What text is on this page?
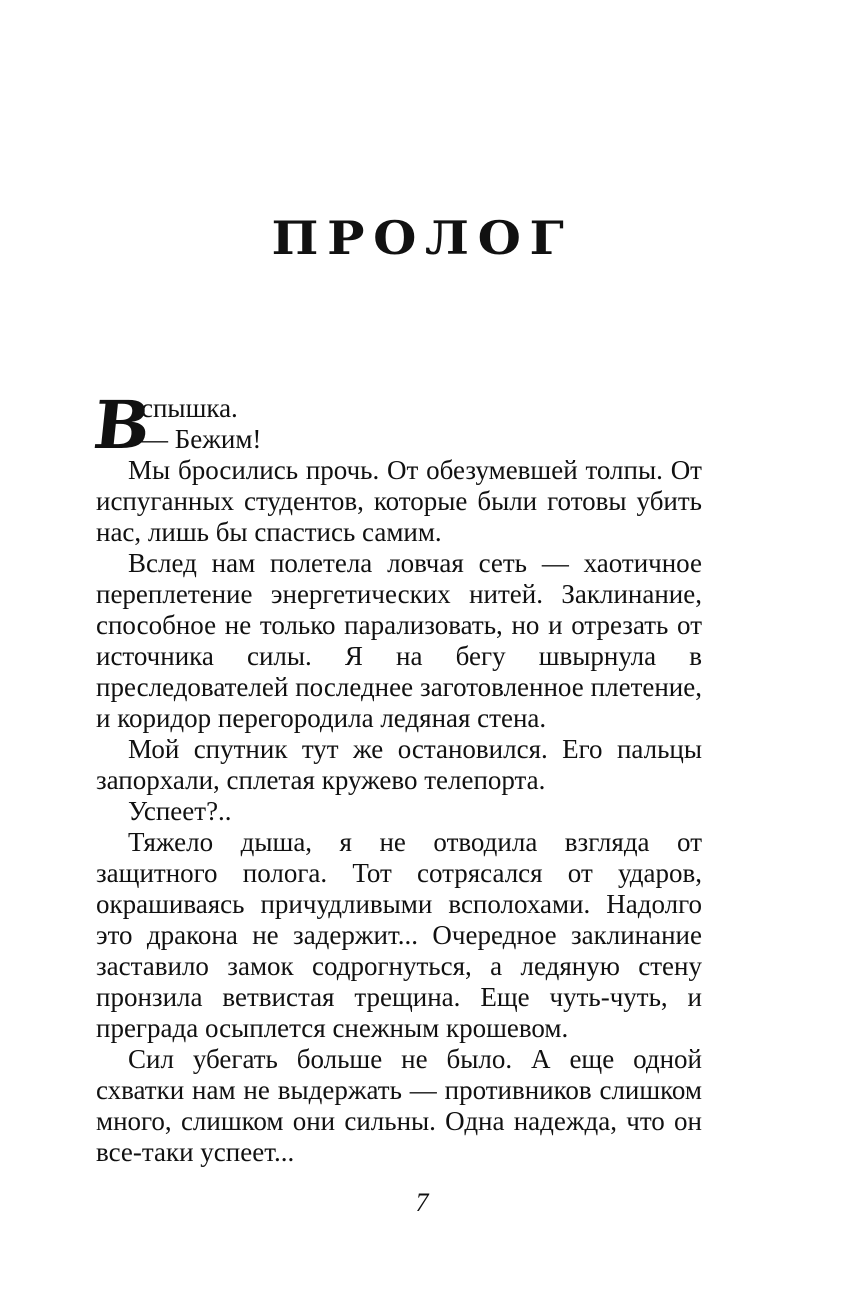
ПРОЛОГ
В
спышка.
— Бежим!

Мы бросились прочь. От обезумевшей толпы. От испуганных студентов, которые были готовы убить нас, лишь бы спастись самим.

Вслед нам полетела ловчая сеть — хаотичное переплетение энергетических нитей. Заклинание, способное не только парализовать, но и отрезать от источника силы. Я на бегу швырнула в преследователей последнее заготовленное плетение, и коридор перегородила ледяная стена.

Мой спутник тут же остановился. Его пальцы запорхали, сплетая кружево телепорта.

Успеет?..

Тяжело дыша, я не отводила взгляда от защитного полога. Тот сотрясался от ударов, окрашиваясь причудливыми всполохами. Надолго это дракона не задержит... Очередное заклинание заставило замок содрогнуться, а ледяную стену пронзила ветвистая трещина. Еще чуть-чуть, и преграда осыплется снежным крошевом.

Сил убегать больше не было. А еще одной схватки нам не выдержать — противников слишком много, слишком они сильны. Одна надежда, что он все-таки успеет...

7
